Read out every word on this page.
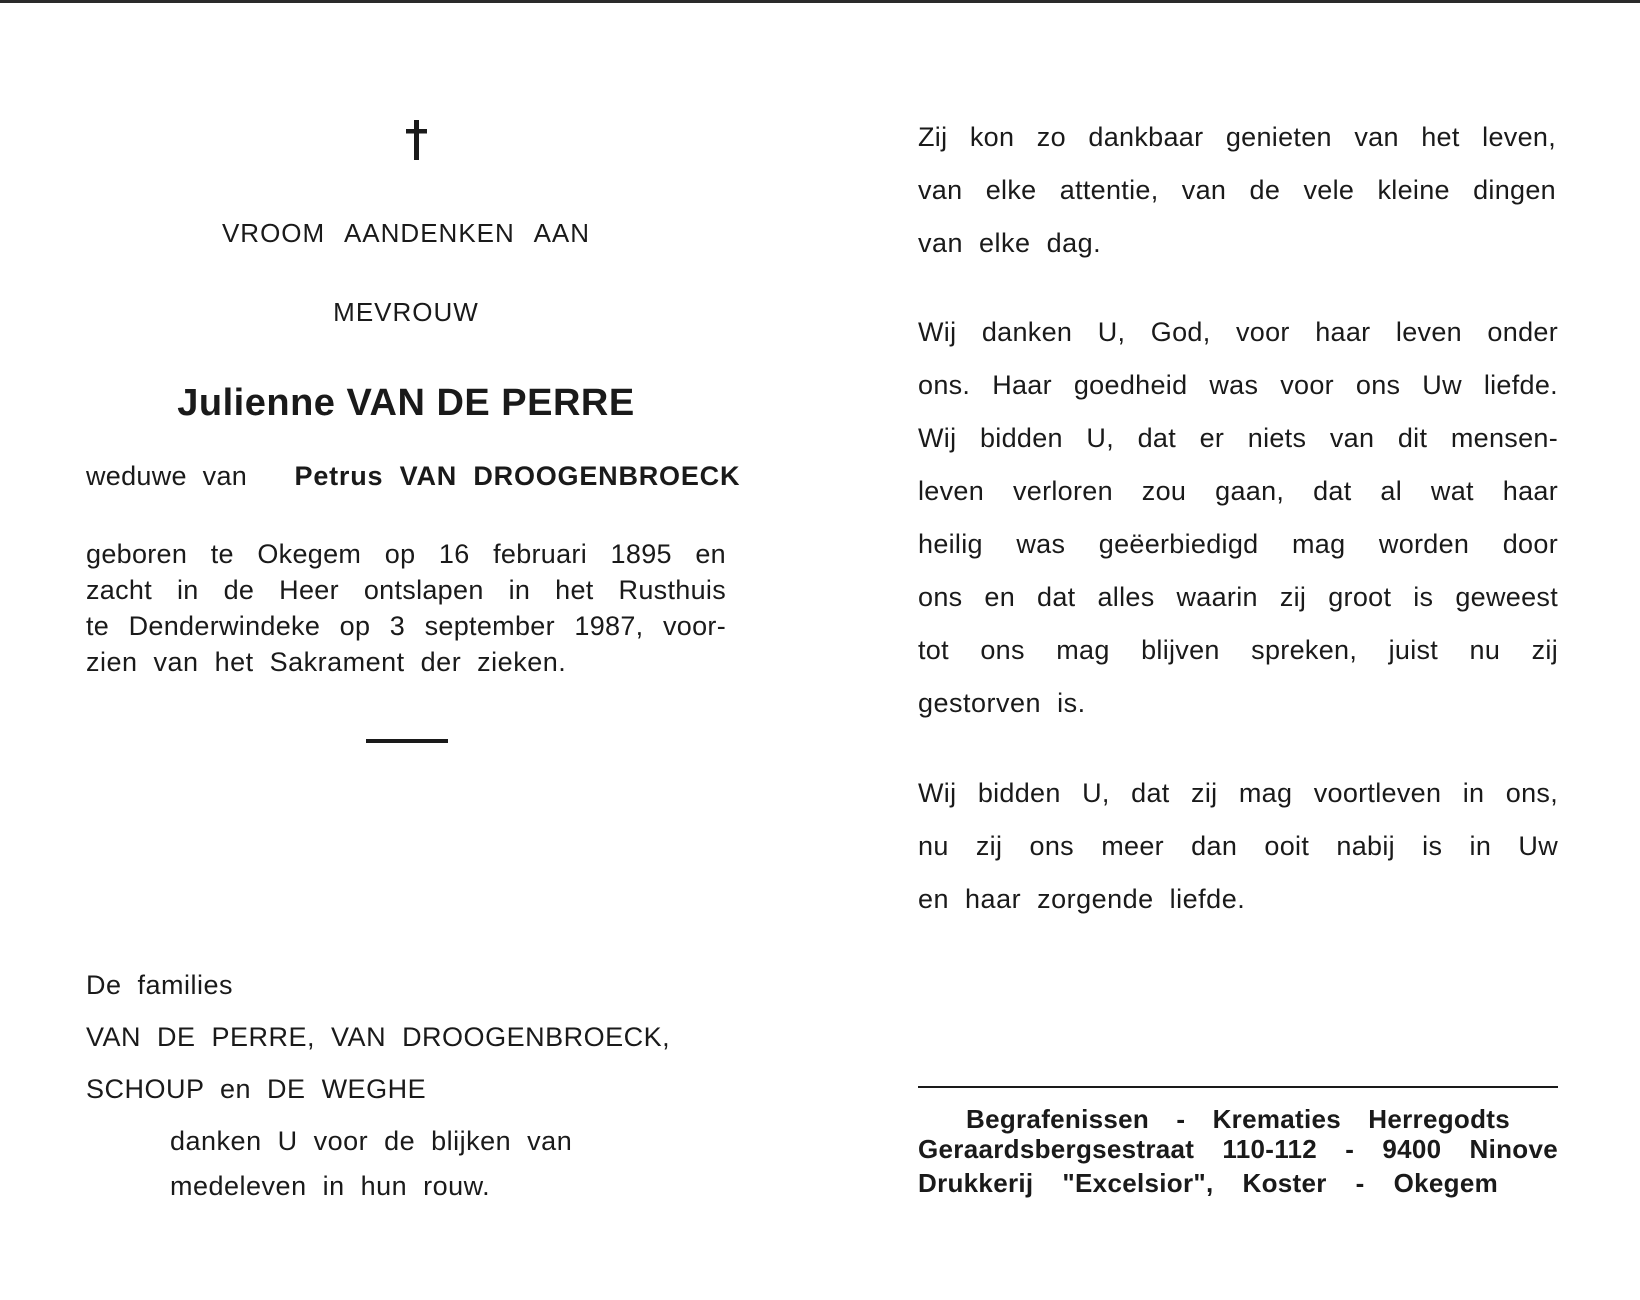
VROOM AANDENKEN AAN

MEVROUW

Julienne VAN DE PERRE

weduwe van Petrus VAN DROOGENBROECK

geboren te Okegem op 16 februari 1895 en

zacht in de Heer ontslapen in het Rusthuis

te Denderwindeke op 3 september 1987, voor-

zien van het Sakrament der zieken.

De families

VAN DE PERRE, VAN DROOGENBROECK,

SCHOUP en DE WEGHE

danken U voor de blijken van

medeleven in hun rouw.

Zij kon zo dankbaar genieten van het leven,

van elke attentie, van de vele kleine dingen

van elke dag.

Wij danken U, God, voor haar leven onder

ons. Haar goedheid was voor ons Uw liefde.

Wij bidden U, dat er niets van dit mensen-

leven verloren zou gaan, dat al wat haar

heilig was geëerbiedigd mag worden door

ons en dat alles waarin zij groot is geweest

tot ons mag blijven spreken, juist nu zij

gestorven is.

Wij bidden U, dat zij mag voortleven in ons,

nu zij ons meer dan ooit nabij is in Uw

en haar zorgende liefde.

Begrafenissen - Krematies Herregodts

Geraardsbergsestraat 110-112 - 9400 Ninove

Drukkerij "Excelsior", Koster - Okegem
